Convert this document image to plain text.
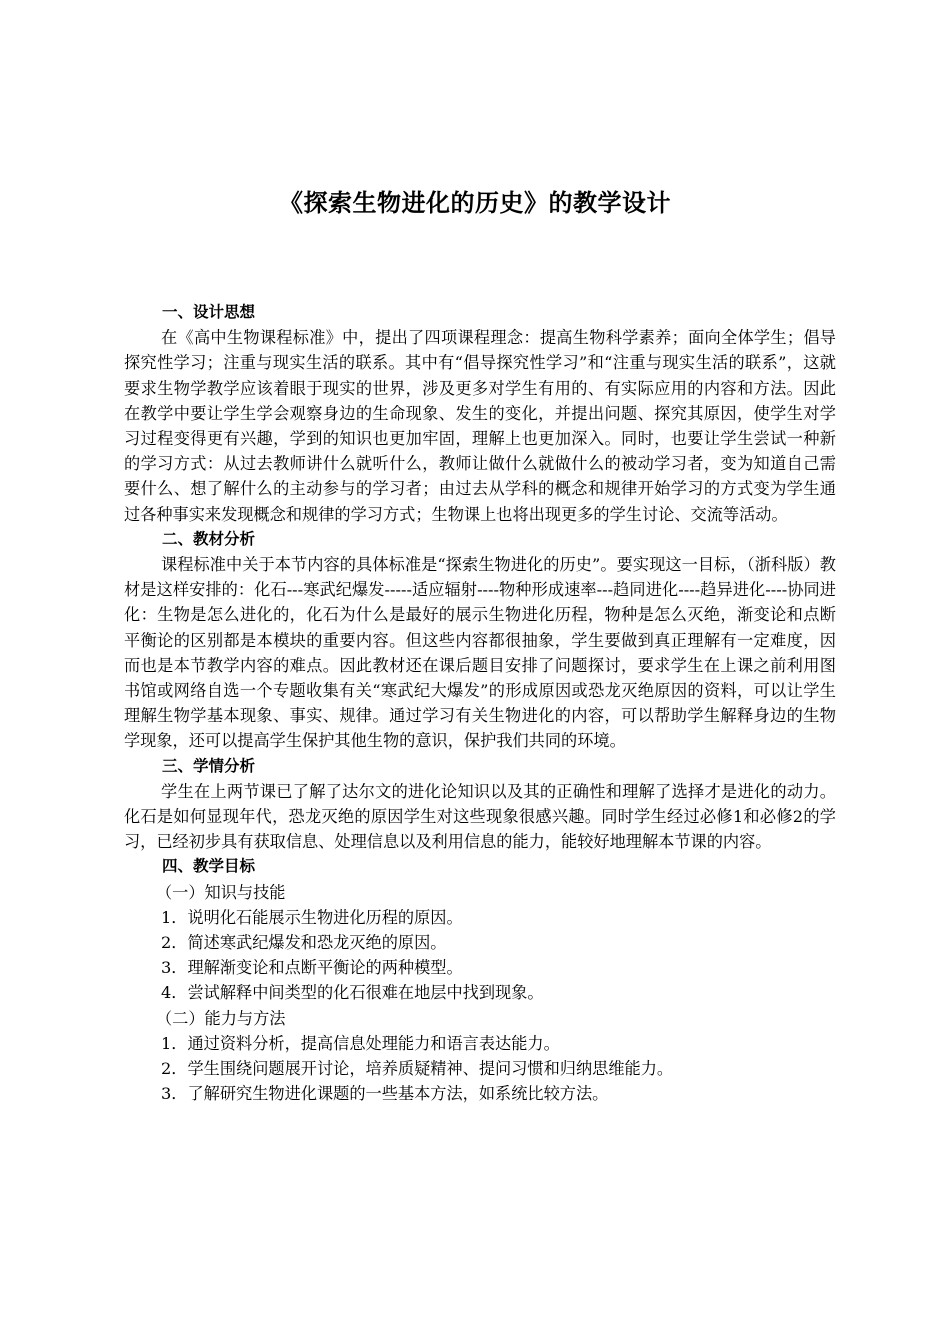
《探索生物进化的历史》的教学设计

一、设计思想

在《高中生物课程标准》中，提出了四项课程理念：提高生物科学素养；面向全体学生；倡导探究性学习；注重与现实生活的联系。其中有“倡导探究性学习”和“注重与现实生活的联系”，这就要求生物学教学应该着眼于现实的世界，涉及更多对学生有用的、有实际应用的内容和方法。因此在教学中要让学生学会观察身边的生命现象、发生的变化，并提出问题、探究其原因，使学生对学习过程变得更有兴趣，学到的知识也更加牢固，理解上也更加深入。同时，也要让学生尝试一种新的学习方式：从过去教师讲什么就听什么，教师让做什么就做什么的被动学习者，变为知道自己需要什么、想了解什么的主动参与的学习者；由过去从学科的概念和规律开始学习的方式变为学生通过各种事实来发现概念和规律的学习方式；生物课上也将出现更多的学生讨论、交流等活动。

二、教材分析

课程标准中关于本节内容的具体标准是“探索生物进化的历史”。要实现这一目标，（浙科版）教材是这样安排的：化石---寒武纪爆发-----适应辐射----物种形成速率---趋同进化----趋异进化----协同进化：生物是怎么进化的，化石为什么是最好的展示生物进化历程，物种是怎么灭绝，渐变论和点断平衡论的区别都是本模块的重要内容。但这些内容都很抽象，学生要做到真正理解有一定难度，因而也是本节教学内容的难点。因此教材还在课后题目安排了问题探讨，要求学生在上课之前利用图书馆或网络自选一个专题收集有关“寒武纪大爆发”的形成原因或恐龙灭绝原因的资料，可以让学生理解生物学基本现象、事实、规律。通过学习有关生物进化的内容，可以帮助学生解释身边的生物学现象，还可以提高学生保护其他生物的意识，保护我们共同的环境。

三、学情分析

学生在上两节课已了解了达尔文的进化论知识以及其的正确性和理解了选择才是进化的动力。化石是如何显现年代，恐龙灭绝的原因学生对这些现象很感兴趣。同时学生经过必修1和必修2的学习，已经初步具有获取信息、处理信息以及利用信息的能力，能较好地理解本节课的内容。

四、教学目标

（一）知识与技能

1．说明化石能展示生物进化历程的原因。

2．简述寒武纪爆发和恐龙灭绝的原因。

3．理解渐变论和点断平衡论的两种模型。

4．尝试解释中间类型的化石很难在地层中找到现象。

（二）能力与方法

1．通过资料分析，提高信息处理能力和语言表达能力。

2．学生围绕问题展开讨论，培养质疑精神、提问习惯和归纳思维能力。

3．了解研究生物进化课题的一些基本方法，如系统比较方法。
